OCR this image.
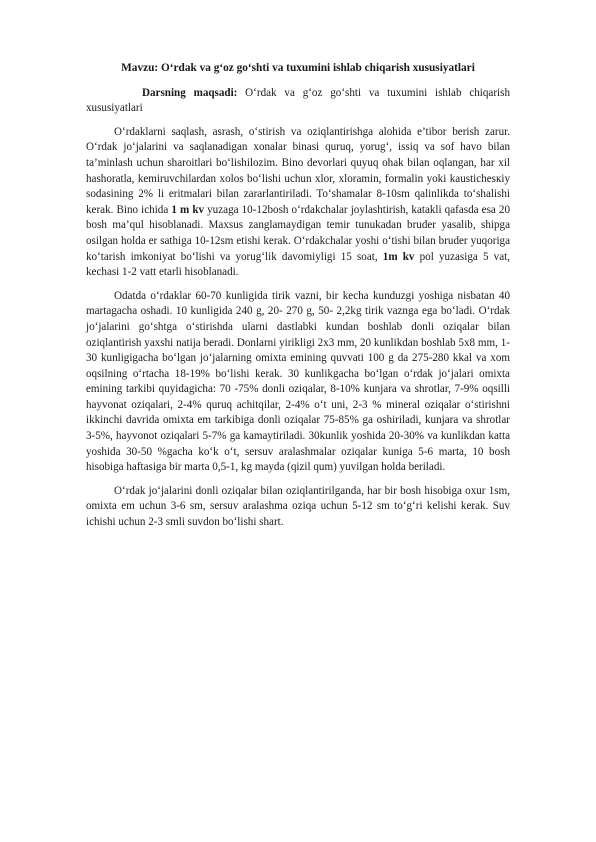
Mavzu: O‘rdak va g‘oz go‘shti va tuxumini ishlab chiqarish xususiyatlari

Darsning maqsadi: O‘rdak va g‘oz go‘shti va tuxumini ishlab chiqarish xususiyatlari

O‘rdaklarni saqlash, asrash, o‘stirish va oziqlantirishga alohida e’tibor berish zarur. O‘rdak jo‘jalarini va saqlanadigan xonalar binasi quruq, yorug‘, issiq va sof havo bilan ta’minlash uchun sharoitlari bo‘lishilozim. Bino devorlari quyuq ohak bilan oqlangan, har xil hashoratla, kemiruvchilardan xolos bo‘lishi uchun xlor, xloramin, formalin yoki kaustichesкiy sodasining 2% li eritmalari bilan zararlantiriladi. To‘shamalar 8-10sm qalinlikda to‘shalishi kerak. Bino ichida 1 m kv yuzaga 10-12bosh o‘rdakchalar joylashtirish, katakli qafasda esa 20 bosh ma’qul hisoblanadi. Maxsus zanglamaydigan temir tunukadan bruder yasalib, shipga osilgan holda er sathiga 10-12sm etishi kerak. O‘rdakchalar yoshi o‘tishi bilan bruder yuqoriga ko‘tarish imkoniyat bo‘lishi va yorug‘lik davomiyligi 15 soat, 1m kv pol yuzasiga 5 vat, kechasi 1-2 vatt etarli hisoblanadi.

Odatda o‘rdaklar 60-70 kunligida tirik vazni, bir kecha kunduzgi yoshiga nisbatan 40 martagacha oshadi. 10 kunligida 240 g, 20- 270 g, 50- 2,2kg tirik vaznga ega bo‘ladi. O‘rdak jo‘jalarini go‘shtga o‘stirishda ularni dastlabki kundan boshlab donli oziqalar bilan oziqlantirish yaxshi natija beradi. Donlarni yirikligi 2x3 mm, 20 kunlikdan boshlab 5x8 mm, 1-30 kunligigacha bo‘lgan jo‘jalarning omixta emining quvvati 100 g da 275-280 kkal va xom oqsilning o‘rtacha 18-19% bo‘lishi kerak. 30 kunlikgacha bo‘lgan o‘rdak jo‘jalari omixta emining tarkibi quyidagicha: 70 -75% donli oziqalar, 8-10% kunjara va shrotlar, 7-9% oqsilli hayvonat oziqalari, 2-4% quruq achitqilar, 2-4% o‘t uni, 2-3 % mineral oziqalar o‘stirishni ikkinchi davrida omixta em tarkibiga donli oziqalar 75-85% ga oshiriladi, kunjara va shrotlar 3-5%, hayvonot oziqalari 5-7% ga kamaytiriladi. 30kunlik yoshida 20-30% va kunlikdan katta yoshida 30-50 %gacha ko‘k o‘t, sersuv aralashmalar oziqalar kuniga 5-6 marta, 10 bosh hisobiga haftasiga bir marta 0,5-1, kg mayda (qizil qum) yuvilgan holda beriladi.

O‘rdak jo‘jalarini donli oziqalar bilan oziqlantirilganda, har bir bosh hisobiga oxur 1sm, omixta em uchun 3-6 sm, sersuv aralashma oziqa uchun 5-12 sm to‘g‘ri kelishi kerak. Suv ichishi uchun 2-3 smli suvdon bo‘lishi shart.
